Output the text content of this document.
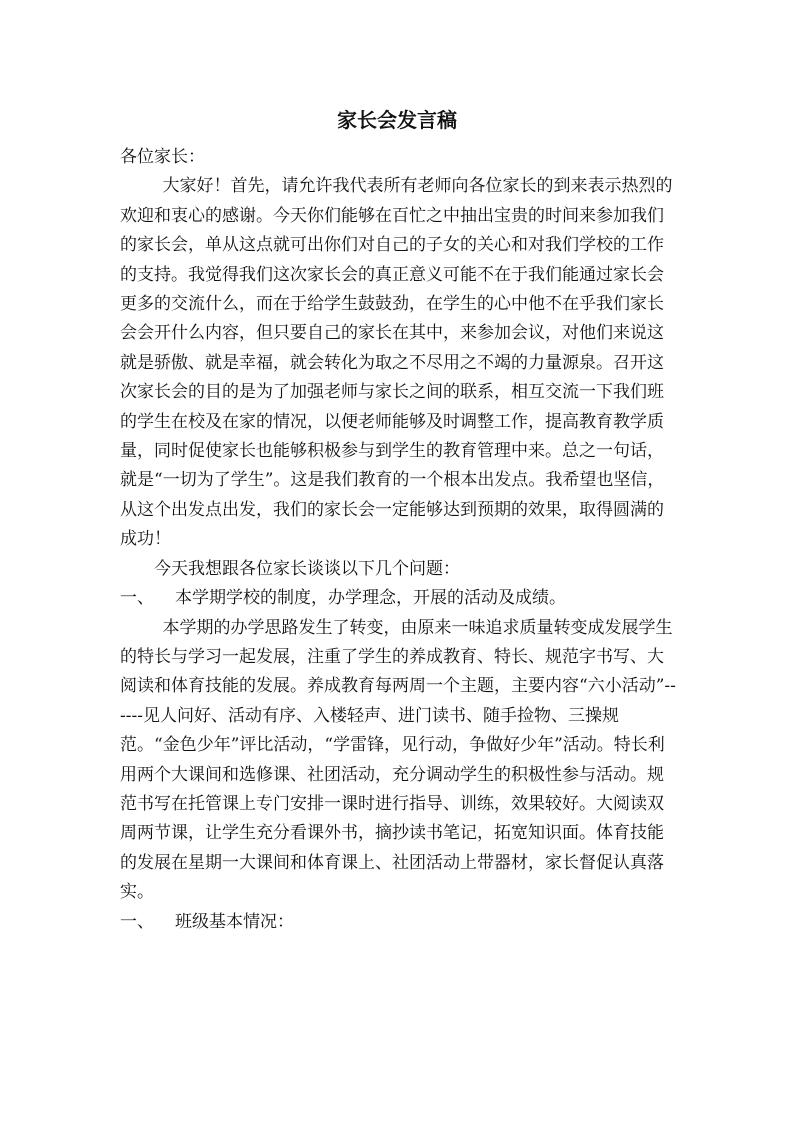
家长会发言稿

各位家长：

大家好！首先，请允许我代表所有老师向各位家长的到来表示热烈的欢迎和衷心的感谢。今天你们能够在百忙之中抽出宝贵的时间来参加我们的家长会，单从这点就可出你们对自己的子女的关心和对我们学校的工作的支持。我觉得我们这次家长会的真正意义可能不在于我们能通过家长会更多的交流什么，而在于给学生鼓鼓劲，在学生的心中他不在乎我们家长会会开什么内容，但只要自己的家长在其中，来参加会议，对他们来说这就是骄傲、就是幸福，就会转化为取之不尽用之不竭的力量源泉。召开这次家长会的目的是为了加强老师与家长之间的联系，相互交流一下我们班的学生在校及在家的情况，以便老师能够及时调整工作，提高教育教学质量，同时促使家长也能够积极参与到学生的教育管理中来。总之一句话，就是“一切为了学生”。这是我们教育的一个根本出发点。我希望也坚信，从这个出发点出发，我们的家长会一定能够达到预期的效果，取得圆满的成功！

今天我想跟各位家长谈谈以下几个问题：

一、	本学期学校的制度，办学理念，开展的活动及成绩。

本学期的办学思路发生了转变，由原来一味追求质量转变成发展学生的特长与学习一起发展，注重了学生的养成教育、特长、规范字书写、大阅读和体育技能的发展。养成教育每两周一个主题，主要内容“六小活动”------见人问好、活动有序、入楼轻声、进门读书、随手捡物、三操规范。“金色少年”评比活动，“学雷锋，见行动，争做好少年”活动。特长利用两个大课间和选修课、社团活动，充分调动学生的积极性参与活动。规范书写在托管课上专门安排一课时进行指导、训练，效果较好。大阅读双周两节课，让学生充分看课外书，摘抄读书笔记，拓宽知识面。体育技能的发展在星期一大课间和体育课上、社团活动上带器材，家长督促认真落实。

一、	班级基本情况：
